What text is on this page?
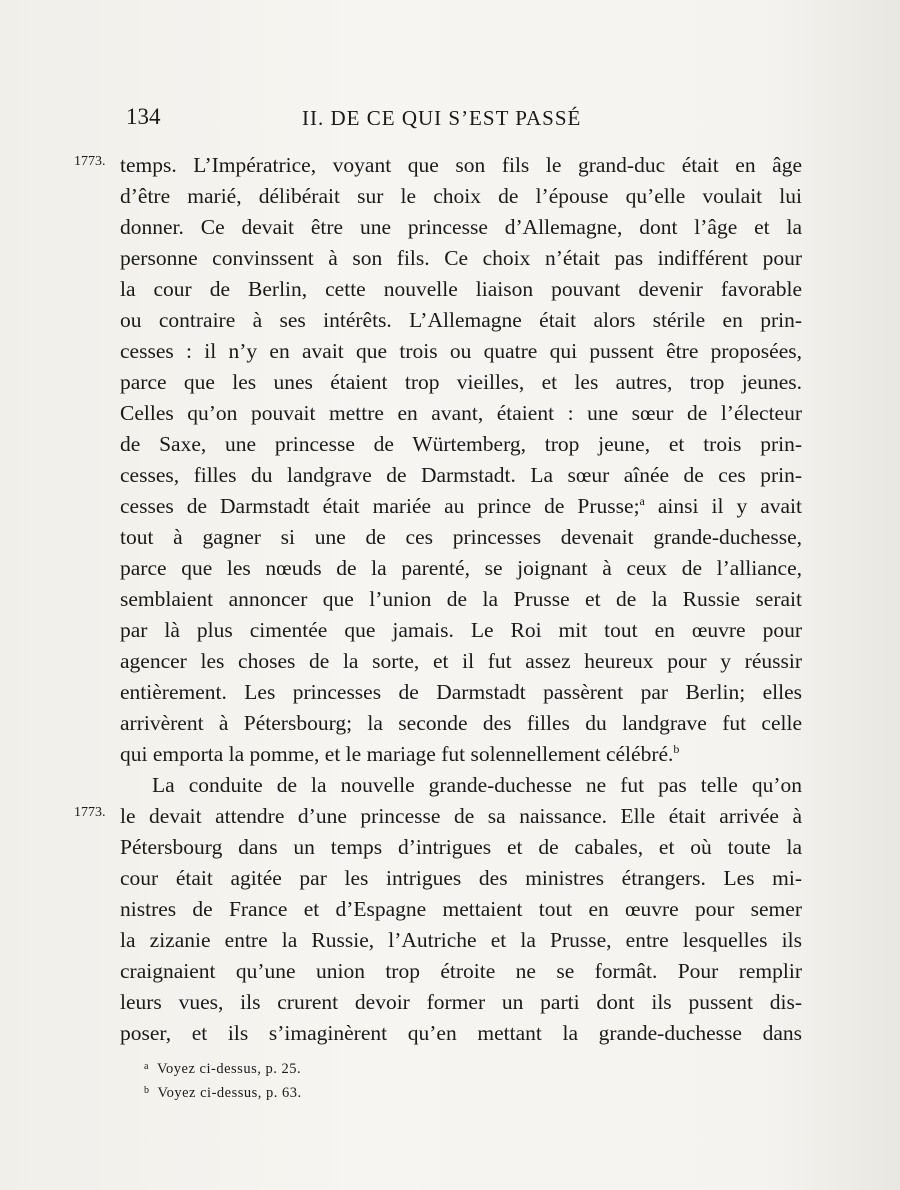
134	II. DE CE QUI S’EST PASSÉ
1773.
1773.
temps. L’Impératrice, voyant que son fils le grand-duc était en âge
d’être marié, délibérait sur le choix de l’épouse qu’elle voulait lui
donner. Ce devait être une princesse d’Allemagne, dont l’âge et la
personne convinssent à son fils. Ce choix n’était pas indifférent pour
la cour de Berlin, cette nouvelle liaison pouvant devenir favorable
ou contraire à ses intérêts. L’Allemagne était alors stérile en prin-
cesses : il n’y en avait que trois ou quatre qui pussent être proposées,
parce que les unes étaient trop vieilles, et les autres, trop jeunes.
Celles qu’on pouvait mettre en avant, étaient : une sœur de l’électeur
de Saxe, une princesse de Würtemberg, trop jeune, et trois prin-
cesses, filles du landgrave de Darmstadt. La sœur aînée de ces prin-
cesses de Darmstadt était mariée au prince de Prusse;$^a$ ainsi il y avait
tout à gagner si une de ces princesses devenait grande-duchesse,
parce que les nœuds de la parenté, se joignant à ceux de l’alliance,
semblaient annoncer que l’union de la Prusse et de la Russie serait
par là plus cimentée que jamais. Le Roi mit tout en œuvre pour
agencer les choses de la sorte, et il fut assez heureux pour y réussir
entièrement. Les princesses de Darmstadt passèrent par Berlin; elles
arrivèrent à Pétersbourg; la seconde des filles du landgrave fut celle
qui emporta la pomme, et le mariage fut solennellement célébré.$^b$
La conduite de la nouvelle grande-duchesse ne fut pas telle qu’on
le devait attendre d’une princesse de sa naissance. Elle était arrivée à
Pétersbourg dans un temps d’intrigues et de cabales, et où toute la
cour était agitée par les intrigues des ministres étrangers. Les mi-
nistres de France et d’Espagne mettaient tout en œuvre pour semer
la zizanie entre la Russie, l’Autriche et la Prusse, entre lesquelles ils
craignaient qu’une union trop étroite ne se formât. Pour remplir
leurs vues, ils crurent devoir former un parti dont ils pussent dis-
poser, et ils s’imaginèrent qu’en mettant la grande-duchesse dans
$^a$ Voyez ci-dessus, p. 25.
$^b$ Voyez ci-dessus, p. 63.
